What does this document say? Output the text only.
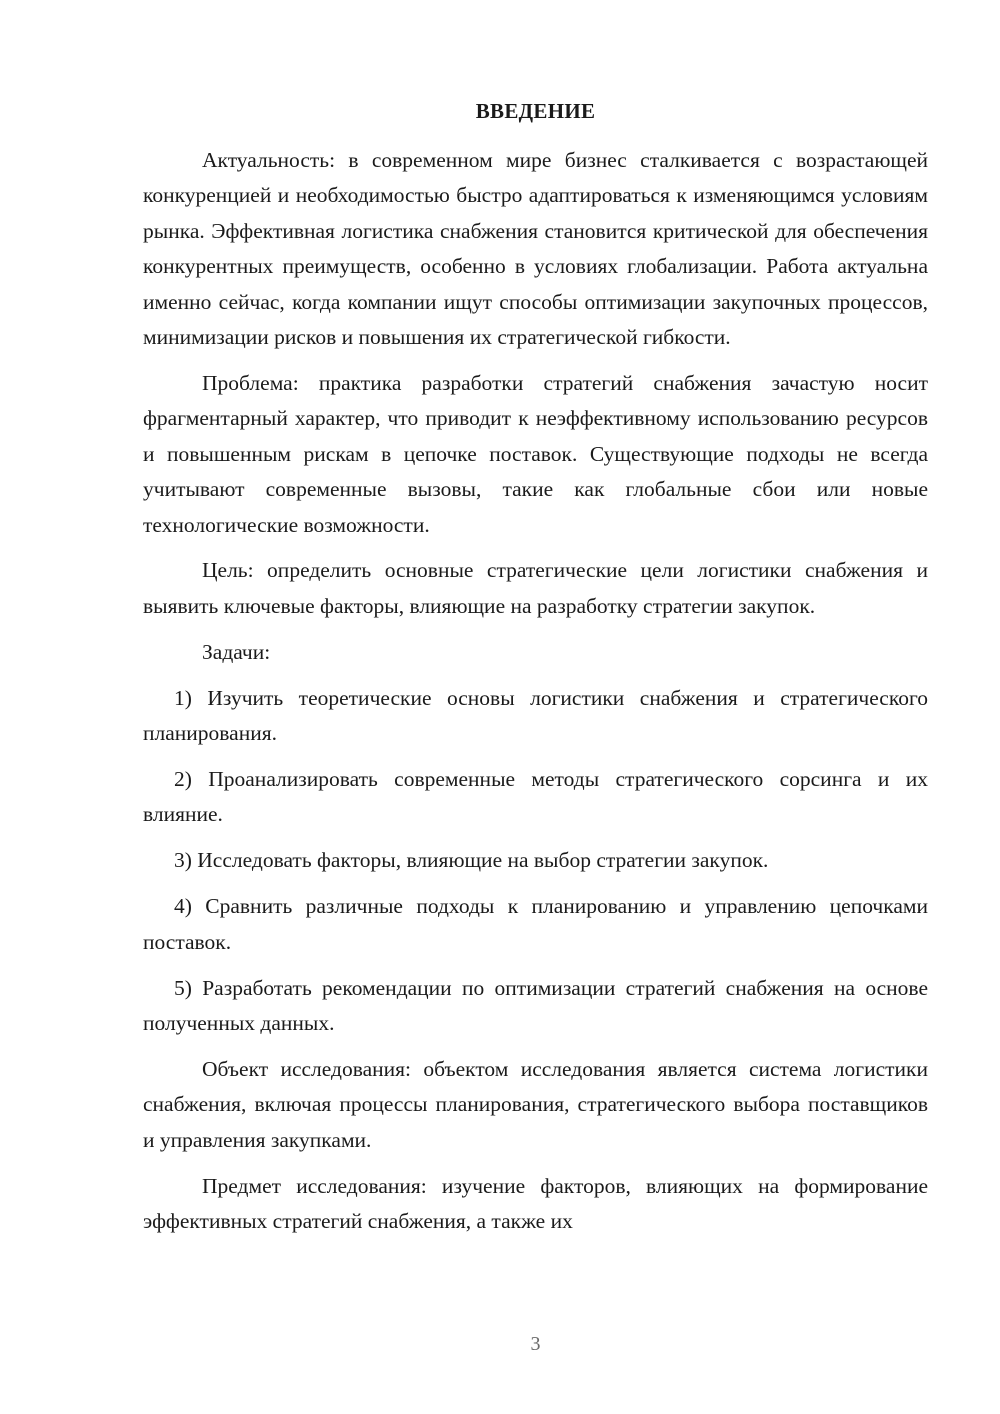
ВВЕДЕНИЕ

Актуальность: в современном мире бизнес сталкивается с возрастающей конкуренцией и необходимостью быстро адаптироваться к изменяющимся условиям рынка. Эффективная логистика снабжения становится критической для обеспечения конкурентных преимуществ, особенно в условиях глобализации. Работа актуальна именно сейчас, когда компании ищут способы оптимизации закупочных процессов, минимизации рисков и повышения их стратегической гибкости.

Проблема: практика разработки стратегий снабжения зачастую носит фрагментарный характер, что приводит к неэффективному использованию ресурсов и повышенным рискам в цепочке поставок. Существующие подходы не всегда учитывают современные вызовы, такие как глобальные сбои или новые технологические возможности.

Цель: определить основные стратегические цели логистики снабжения и выявить ключевые факторы, влияющие на разработку стратегии закупок.

Задачи:

1) Изучить теоретические основы логистики снабжения и стратегического планирования.

2) Проанализировать современные методы стратегического сорсинга и их влияние.

3) Исследовать факторы, влияющие на выбор стратегии закупок.

4) Сравнить различные подходы к планированию и управлению цепочками поставок.

5) Разработать рекомендации по оптимизации стратегий снабжения на основе полученных данных.

Объект исследования: объектом исследования является система логистики снабжения, включая процессы планирования, стратегического выбора поставщиков и управления закупками.

Предмет исследования: изучение факторов, влияющих на формирование эффективных стратегий снабжения, а также их

3
